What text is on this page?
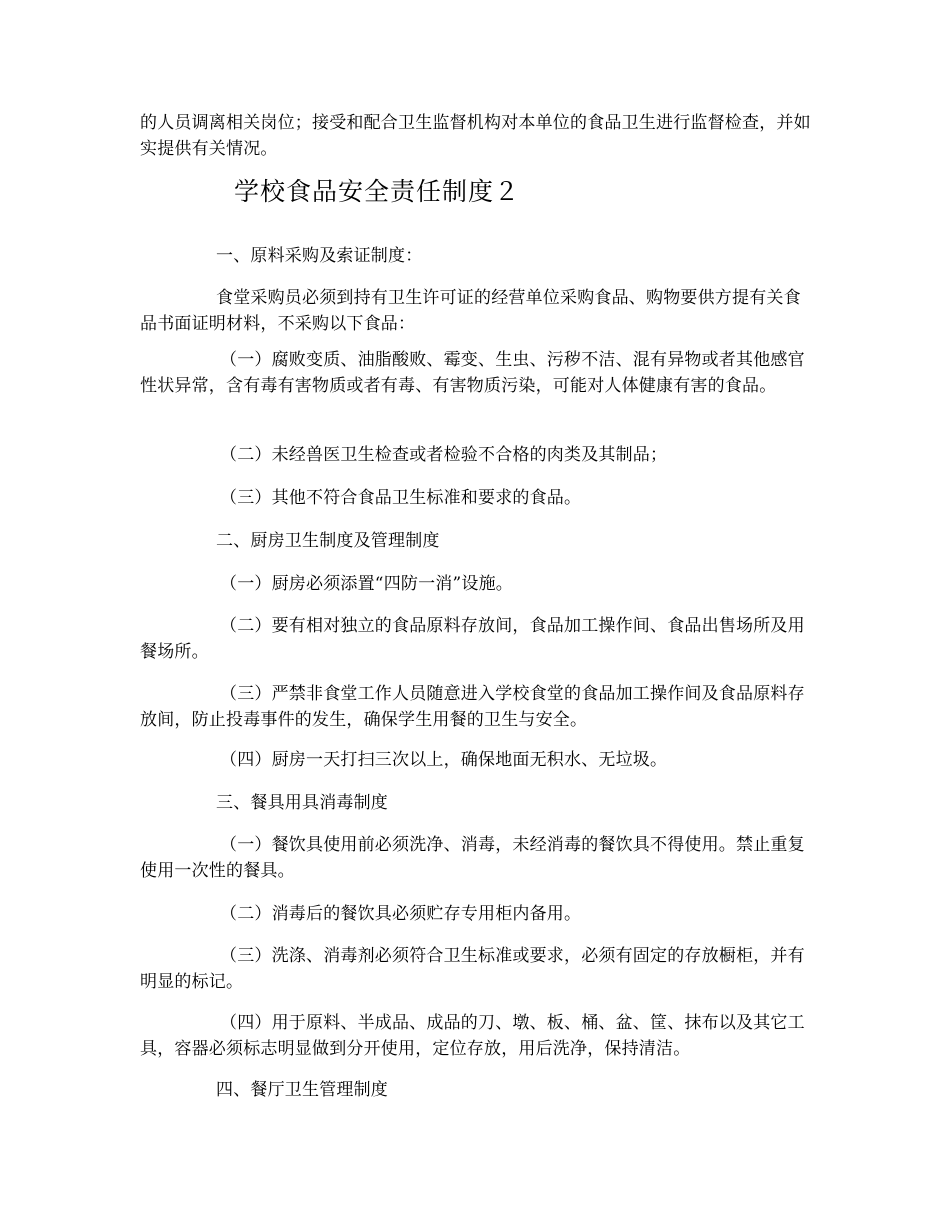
的人员调离相关岗位；接受和配合卫生监督机构对本单位的食品卫生进行监督检查，并如实提供有关情况。

学校食品安全责任制度２

一、原料采购及索证制度：

食堂采购员必须到持有卫生许可证的经营单位采购食品、购物要供方提有关食品书面证明材料，不采购以下食品：

（一）腐败变质、油脂酸败、霉变、生虫、污秽不洁、混有异物或者其他感官性状异常，含有毒有害物质或者有毒、有害物质污染，可能对人体健康有害的食品。

（二）未经兽医卫生检查或者检验不合格的肉类及其制品；

（三）其他不符合食品卫生标准和要求的食品。

二、厨房卫生制度及管理制度

（一）厨房必须添置“四防一消”设施。

（二）要有相对独立的食品原料存放间，食品加工操作间、食品出售场所及用餐场所。

（三）严禁非食堂工作人员随意进入学校食堂的食品加工操作间及食品原料存放间，防止投毒事件的发生，确保学生用餐的卫生与安全。

（四）厨房一天打扫三次以上，确保地面无积水、无垃圾。

三、餐具用具消毒制度

（一）餐饮具使用前必须洗净、消毒，未经消毒的餐饮具不得使用。禁止重复使用一次性的餐具。

（二）消毒后的餐饮具必须贮存专用柜内备用。

（三）洗涤、消毒剂必须符合卫生标准或要求，必须有固定的存放橱柜，并有明显的标记。

（四）用于原料、半成品、成品的刀、墩、板、桶、盆、筐、抹布以及其它工具，容器必须标志明显做到分开使用，定位存放，用后洗净，保持清洁。

四、餐厅卫生管理制度
